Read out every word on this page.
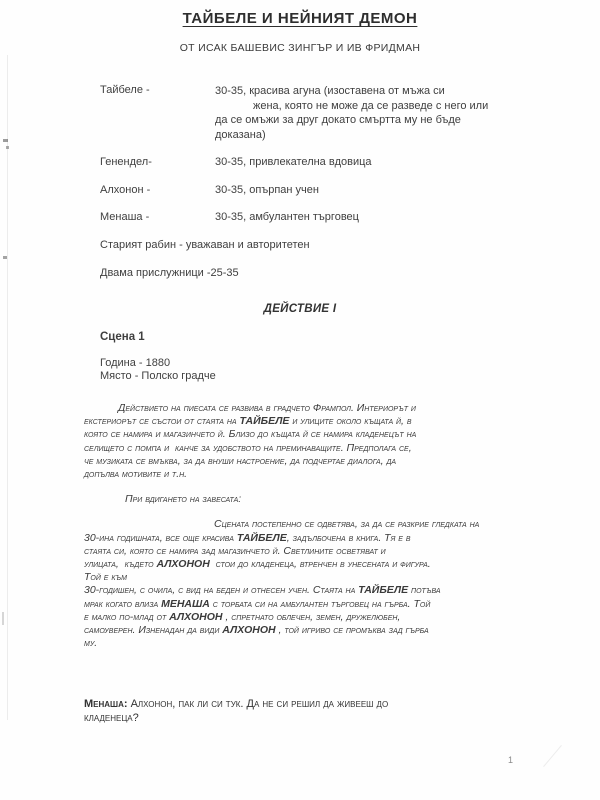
ТАЙБЕЛЕ И НЕЙНИЯТ ДЕМОН
ОТ ИСАК БАШЕВИС ЗИНГЪР И ИВ ФРИДМАН
Тайбеле -	30-35, красива агуна (изоставена от мъжа си
жена, която не може да се разведе с него или
да се омъжи за друг докато смъртта му не бъде
доказана)
Генендел-	30-35, привлекателна вдовица
Алхонон -	30-35, опърпан учен
Менаша -	30-35, амбулантен търговец
Старият рабин - уважаван и авторитетен
Двама прислужници -25-35
ДЕЙСТВИЕ I
Сцена 1
Година - 1880
Място - Полско градче
Действието на пиесата се развива в градчето Фрампол. Интериорът и
екстериорът се състои от стаята на ТАЙБЕЛЕ и улиците около къщата й, в
която се намира и магазинчето й. Близо до къщата й се намира кладенецът на
селището с помпа и  канче за удобството на преминаващите. Предполага се,
че музиката се вмъква, за да внуши настроение, да подчертае диалога, да
допълва мотивите и т.н.
При вдигането на завесата:
Сцената постепенно се одветява, за да се разкрие гледката на
30-ина годишната, все още красива ТАЙБЕЛЕ, задълбочена в книга. Тя е в
стаята си, която се намира зад магазинчето й. Светлините осветяват и
улицата,  където АЛХОНОН  стои до кладенеца, втренчен в унесената и фигура.
Той е към
30-годишен, с очила, с вид на беден и отнесен учен. Стаята на ТАЙБЕЛЕ потъва
мрак когато влиза МЕНАША с торбата си на амбулантен търговец на гърба. Той
е малко по-млад от АЛХОНОН , спретнато облечен, земен, дружелюбен,
самоуверен. Изненадан да види АЛХОНОН , той игриво се промъква зад гърба
му.
Менаша: Алхонон, пак ли си тук. Да не си решил да живееш до
кладенеца?
1
